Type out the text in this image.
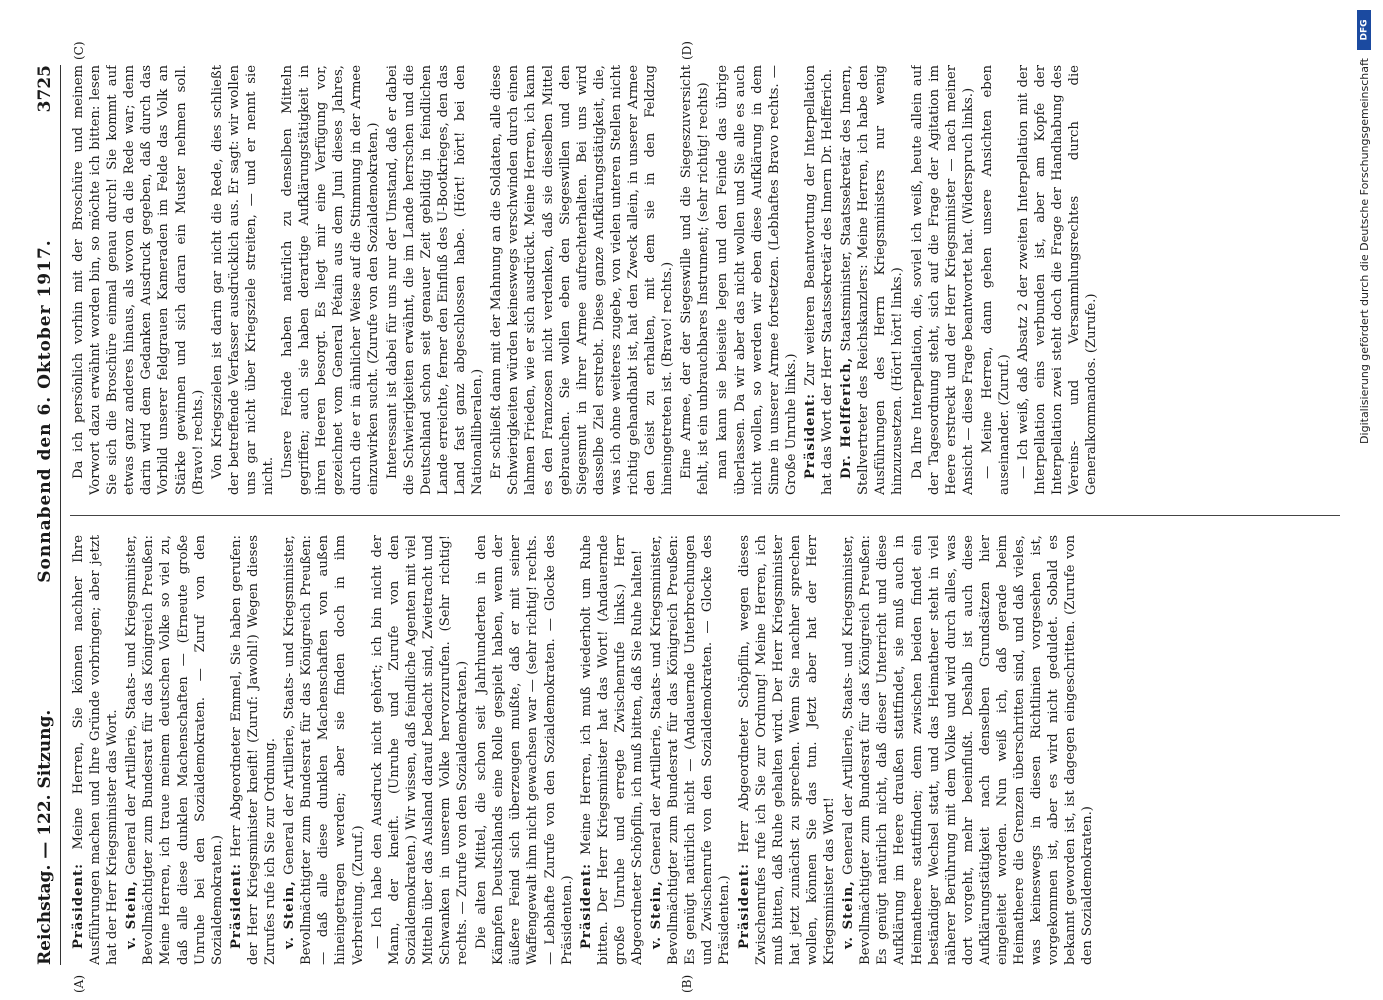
Reichstag. — 122. Sitzung.
Sonnabend den 6. Oktober 1917.
3725
(A)	(B)
(C)	(D)

Präsident: Meine Herren, Sie können nachher Ihre Ausführungen machen und Ihre Gründe vorbringen; aber jetzt hat der Herr Kriegsminister das Wort. v. Stein, General der Artillerie, Staats- und Kriegsminister, Bevollmächtigter zum Bundesrat für das Königreich Preußen: Meine Herren, ich traue meinem deutschen Volke so viel zu, daß alle diese dunklen Machenschaften — (Erneute große Unruhe bei den Sozialdemokraten. — Zuruf von den Sozialdemokraten.) Präsident: Herr Abgeordneter Emmel, Sie haben gerufen: der Herr Kriegsminister kneift! (Zuruf: Jawohl!) Wegen dieses Zurufes rufe ich Sie zur Ordnung. v. Stein, General der Artillerie, Staats- und Kriegsminister, Bevollmächtigter zum Bundesrat für das Königreich Preußen: — daß alle diese dunklen Machenschaften von außen hineingetragen werden; aber sie finden doch in ihm Verbreitung. (Zuruf.) — Ich habe den Ausdruck nicht gehört; ich bin nicht der Mann, der kneift. (Unruhe und Zurufe von den Sozialdemokraten.) Wir wissen, daß feindliche Agenten mit viel Mitteln über das Ausland darauf bedacht sind, Zwietracht und Schwanken in unserem Volke hervorzurufen. (Sehr richtig! rechts. — Zurufe von den Sozialdemokraten.) Die alten Mittel, die schon seit Jahrhunderten in den Kämpfen Deutschlands eine Rolle gespielt haben, wenn der äußere Feind sich überzeugen mußte, daß er mit seiner Waffengewalt ihm nicht gewachsen war — (sehr richtig! rechts. — Lebhafte Zurufe von den Sozialdemokraten. — Glocke des Präsidenten.) Präsident: Meine Herren, ich muß wiederholt um Ruhe bitten. Der Herr Kriegsminister hat das Wort! (Andauernde große Unruhe und erregte Zwischenrufe links.) Herr Abgeordneter Schöpflin, ich muß bitten, daß Sie Ruhe halten! v. Stein, General der Artillerie, Staats- und Kriegsminister, Bevollmächtigter zum Bundesrat für das Königreich Preußen: Es genügt natürlich nicht — (Andauernde Unterbrechungen und Zwischenrufe von den Sozialdemokraten. — Glocke des Präsidenten.) Präsident: Herr Abgeordneter Schöpflin, wegen dieses Zwischenrufes rufe ich Sie zur Ordnung! Meine Herren, ich muß bitten, daß Ruhe gehalten wird. Der Herr Kriegsminister hat jetzt zunächst zu sprechen. Wenn Sie nachher sprechen wollen, können Sie das tun. Jetzt aber hat der Herr Kriegsminister das Wort! v. Stein, General der Artillerie, Staats- und Kriegsminister, Bevollmächtigter zum Bundesrat für das Königreich Preußen: Es genügt natürlich nicht, daß dieser Unterricht und diese Aufklärung im Heere draußen stattfindet, sie muß auch in Heimatheere stattfinden; denn zwischen beiden findet ein beständiger Wechsel statt, und das Heimatheer steht in viel näherer Berührung mit dem Volke und wird durch alles, was dort vorgeht, mehr beeinflußt. Deshalb ist auch diese Aufklärungstätigkeit nach denselben Grundsätzen hier eingeleitet worden. Nun weiß ich, daß gerade beim Heimatheere die Grenzen überschritten sind, und daß vieles, was keineswegs in diesen Richtlinien vorgesehen ist, vorgekommen ist, aber es wird nicht geduldet. Sobald es bekannt geworden ist, ist dagegen eingeschritten. (Zurufe von den Sozialdemokraten.)

Da ich persönlich vorhin mit der Broschüre und meinem Vorwort dazu erwähnt worden bin, so möchte ich bitten: lesen Sie sich die Broschüre einmal genau durch! Sie kommt auf etwas ganz anderes hinaus, als wovon da die Rede war; denn darin wird dem Gedanken Ausdruck gegeben, daß durch das Vorbild unserer feldgrauen Kameraden im Felde das Volk an Stärke gewinnen und sich daran ein Muster nehmen soll. (Bravo! rechts.) Von Kriegszielen ist darin gar nicht die Rede, dies schließt der betreffende Verfasser ausdrücklich aus. Er sagt: wir wollen uns gar nicht über Kriegsziele streiten, — und er nennt sie nicht. Unsere Feinde haben natürlich zu denselben Mitteln gegriffen; auch sie haben derartige Aufklärungstätigkeit in ihren Heeren besorgt. Es liegt mir eine Verfügung vor, gezeichnet vom General Pétain aus dem Juni dieses Jahres, durch die er in ähnlicher Weise auf die Stimmung in der Armee einzuwirken sucht. (Zurufe von den Sozialdemokraten.) Interessant ist dabei für uns nur der Umstand, daß er dabei die Schwierigkeiten erwähnt, die im Lande herrschen und die Deutschland schon seit genauer Zeit gebildig in feindlichen Lande erreichte, ferner den Einfluß des U-Bootkrieges, den das Land fast ganz abgeschlossen habe. (Hört! hört! bei den Nationalliberalen.) Er schließt dann mit der Mahnung an die Soldaten, alle diese Schwierigkeiten würden keineswegs verschwinden durch einen lahmen Frieden, wie er sich ausdrückt. Meine Herren, ich kann es den Franzosen nicht verdenken, daß sie dieselben Mittel gebrauchen. Sie wollen eben den Siegeswillen und den Siegesmut in ihrer Armee aufrechterhalten. Bei uns wird dasselbe Ziel erstrebt. Diese ganze Aufklärungstätigkeit, die, was ich ohne weiteres zugebe, von vielen unteren Stellen nicht richtig gehandhabt ist, hat den Zweck allein, in unserer Armee den Geist zu erhalten, mit dem sie in den Feldzug hineingetreten ist. (Bravo! rechts.) Eine Armee, der der Siegeswille und die Siegeszuversicht fehlt, ist ein unbrauchbares Instrument; (sehr richtig! rechts) man kann sie beiseite legen und den Feinde das übrige überlassen. Da wir aber das nicht wollen und Sie alle es auch nicht wollen, so werden wir eben diese Aufklärung in dem Sinne in unserer Armee fortsetzen. (Lebhaftes Bravo rechts. — Große Unruhe links.) Präsident: Zur weiteren Beantwortung der Interpellation hat das Wort der Herr Staatssekretär des Innern Dr. Helfferich. Dr. Helfferich, Staatsminister, Staatssekretär des Innern, Stellvertreter des Reichskanzlers: Meine Herren, ich habe den Ausführungen des Herrn Kriegsministers nur wenig hinzuzusetzen. (Hört! hört! links.) Da Ihre Interpellation, die, soviel ich weiß, heute allein auf der Tagesordnung steht, sich auf die Frage der Agitation im Heere erstreckt und der Herr Kriegsminister — nach meiner Ansicht — diese Frage beantwortet hat. (Widerspruch links.) — Meine Herren, dann gehen unsere Ansichten eben auseinander. (Zuruf.) — Ich weiß, daß Absatz 2 der zweiten Interpellation mit der Interpellation eins verbunden ist, aber am Kopfe der Interpellation zwei steht doch die Frage der Handhabung des Vereins- und Versammlungsrechtes durch die Generalkommandos. (Zurufe.)

DFG
Digitalisierung gefördert durch die Deutsche Forschungsgemeinschaft
